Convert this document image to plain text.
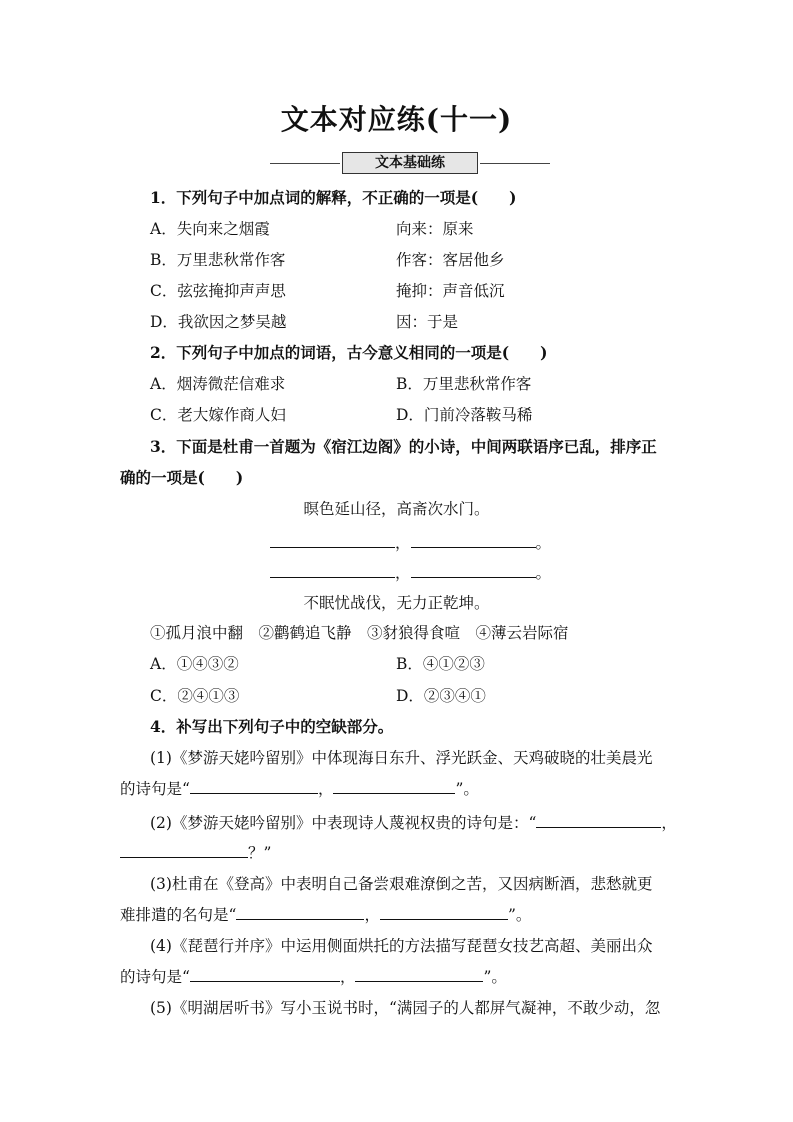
文本对应练(十一)
文本基础练
1．下列句子中加点词的解释，不正确的一项是(　　)
A．失向来之烟霞	向来：原来
B．万里悲秋常作客	作客：客居他乡
C．弦弦掩抑声声思	掩抑：声音低沉
D．我欲因之梦吴越	因：于是
2．下列句子中加点的词语，古今意义相同的一项是(　　)
A．烟涛微茫信难求	B．万里悲秋常作客
C．老大嫁作商人妇	D．门前冷落鞍马稀
3．下面是杜甫一首题为《宿江边阁》的小诗，中间两联语序已乱，排序正
确的一项是(　　)
暝色延山径，高斋次水门。
，	。
，	。
不眠忧战伐，无力正乾坤。
①孤月浪中翻　②鹳鹤追飞静　③豺狼得食喧　④薄云岩际宿
A．①④③②	B．④①②③
C．②④①③	D．②③④①
4．补写出下列句子中的空缺部分。
(1)《梦游天姥吟留别》中体现海日东升、浮光跃金、天鸡破晓的壮美晨光
的诗句是“	，	”。
(2)《梦游天姥吟留别》中表现诗人蔑视权贵的诗句是：“	，
？”
(3)杜甫在《登高》中表明自己备尝艰难潦倒之苦，又因病断酒，悲愁就更
难排遣的名句是“	，	”。
(4)《琵琶行并序》中运用侧面烘托的方法描写琵琶女技艺高超、美丽出众
的诗句是“	，	”。
(5)《明湖居听书》写小玉说书时，“满园子的人都屏气凝神，不敢少动，忽
